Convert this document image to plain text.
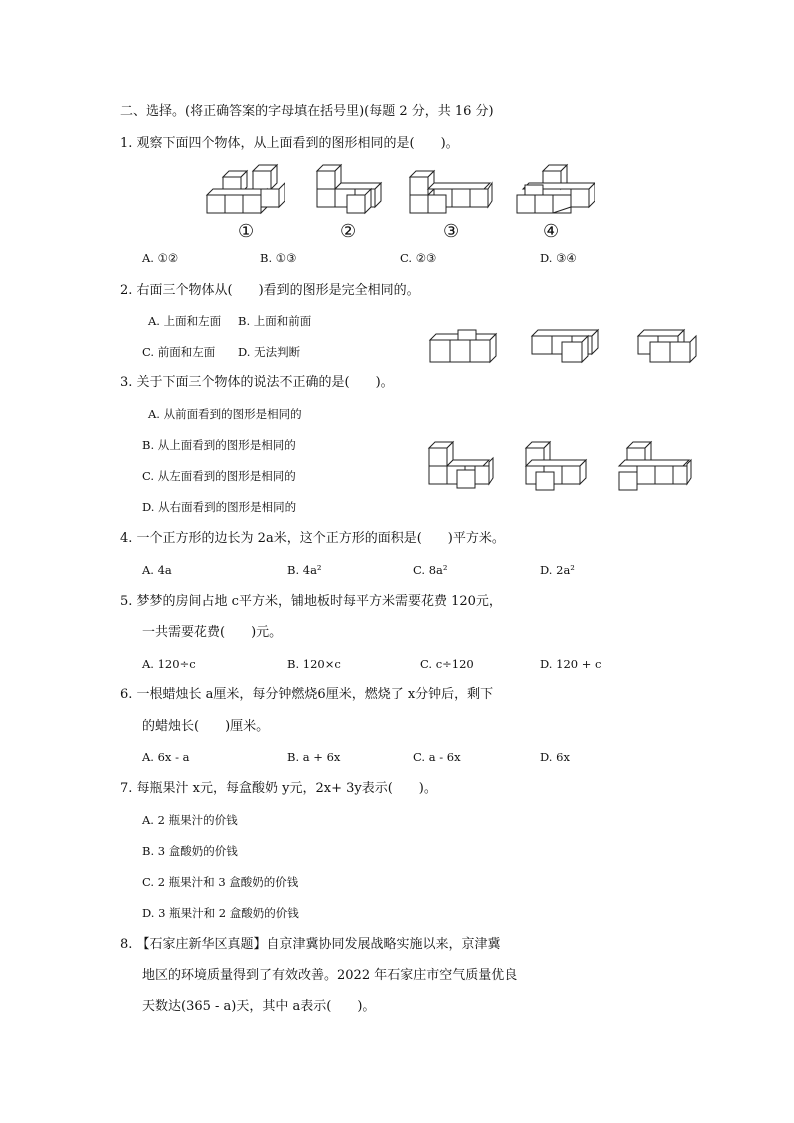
二、选择。(将正确答案的字母填在括号里)(每题 2 分，共 16 分)
1. 观察下面四个物体，从上面看到的图形相同的是(　　)。
①	②	③	④
A. ①②	B. ①③	C. ②③	D. ③④
2. 右面三个物体从(　　)看到的图形是完全相同的。
A. 上面和左面 B. 上面和前面
C. 前面和左面 D. 无法判断
3. 关于下面三个物体的说法不正确的是(　　)。
A. 从前面看到的图形是相同的
B. 从上面看到的图形是相同的
C. 从左面看到的图形是相同的
D. 从右面看到的图形是相同的
4. 一个正方形的边长为 2a米，这个正方形的面积是(　　)平方米。
A. 4a	B. 4a²	C. 8a²	D. 2a²
5. 梦梦的房间占地 c平方米，铺地板时每平方米需要花费 120元，
一共需要花费(　　)元。
A. 120÷c	B. 120×c	C. c÷120	D. 120 + c
6. 一根蜡烛长 a厘米，每分钟燃烧6厘米，燃烧了 x分钟后，剩下
的蜡烛长(　　)厘米。
A. 6x - a	B. a + 6x	C. a - 6x	D. 6x
7. 每瓶果汁 x元，每盒酸奶 y元，2x+ 3y表示(　　)。
A. 2 瓶果汁的价钱
B. 3 盒酸奶的价钱
C. 2 瓶果汁和 3 盒酸奶的价钱
D. 3 瓶果汁和 2 盒酸奶的价钱
8. 【石家庄新华区真题】自京津冀协同发展战略实施以来，京津冀
地区的环境质量得到了有效改善。2022 年石家庄市空气质量优良
天数达(365 - a)天，其中 a表示(　　)。
